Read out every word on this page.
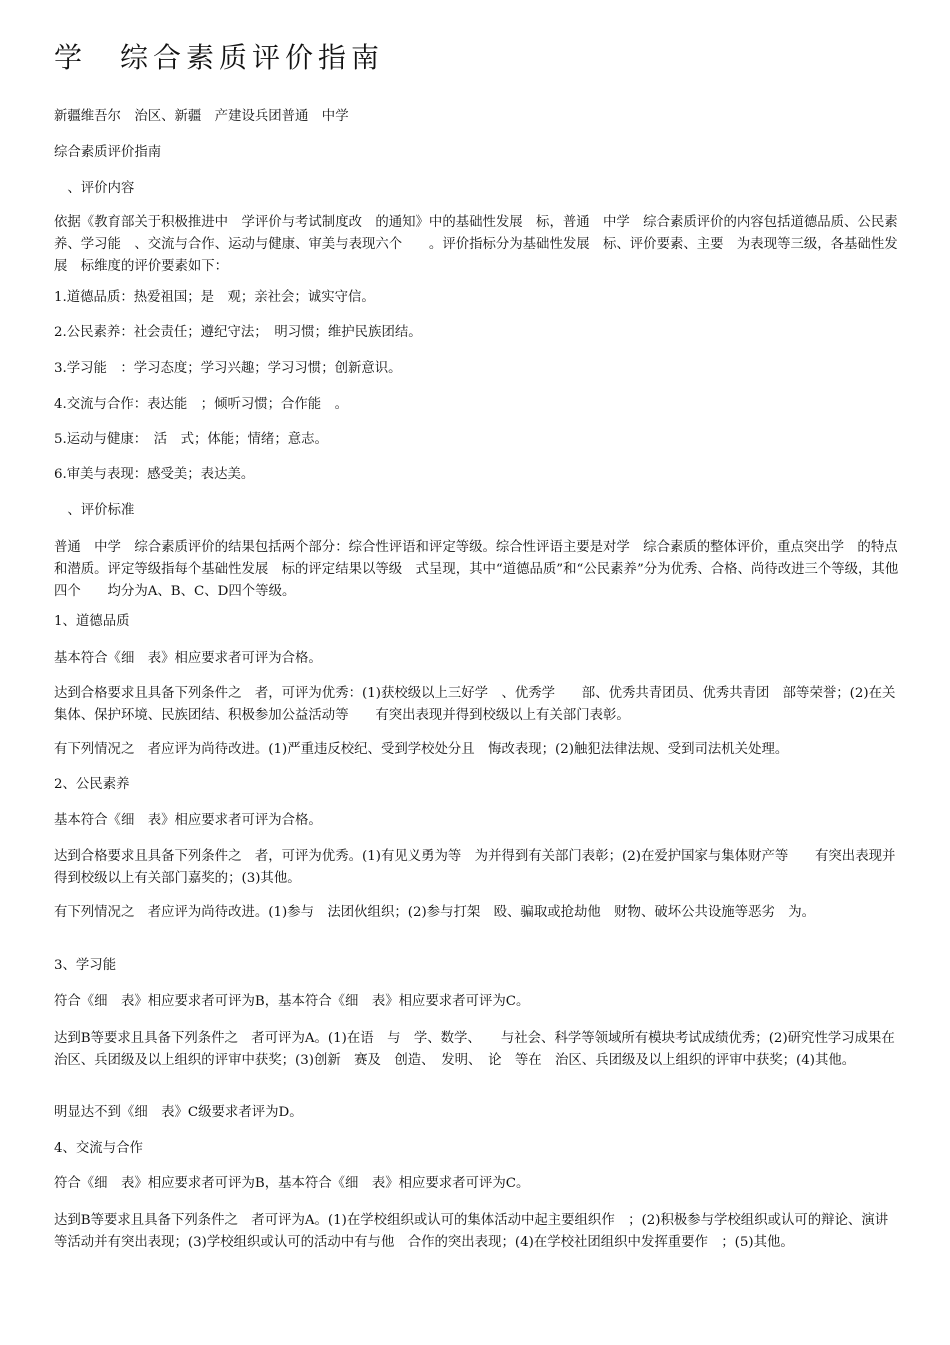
学　综合素质评价指南

新疆维吾尔　治区、新疆　产建设兵团普通　中学

综合素质评价指南

　、评价内容

依据《教育部关于积极推进中　学评价与考试制度改　的通知》中的基础性发展　标，普通　中学　综合素质评价的内容包括道德品质、公民素养、学习能　、交流与合作、运动与健康、审美与表现六个　　。评价指标分为基础性发展　标、评价要素、主要　为表现等三级，各基础性发展　标维度的评价要素如下：

1.道德品质：热爱祖国；是　观；亲社会；诚实守信。

2.公民素养：社会责任；遵纪守法；　明习惯；维护民族团结。

3.学习能　：学习态度；学习兴趣；学习习惯；创新意识。

4.交流与合作：表达能　；倾听习惯；合作能　。

5.运动与健康：　活　式；体能；情绪；意志。

6.审美与表现：感受美；表达美。

　、评价标准

普通　中学　综合素质评价的结果包括两个部分：综合性评语和评定等级。综合性评语主要是对学　综合素质的整体评价，重点突出学　的特点和潜质。评定等级指每个基础性发展　标的评定结果以等级　式呈现，其中“道德品质”和“公民素养”分为优秀、合格、尚待改进三个等级，其他四个　　均分为A、B、C、D四个等级。

1、道德品质

基本符合《细　表》相应要求者可评为合格。

达到合格要求且具备下列条件之　者，可评为优秀：(1)获校级以上三好学　、优秀学　　部、优秀共青团员、优秀共青团　部等荣誉；(2)在关　集体、保护环境、民族团结、积极参加公益活动等　　有突出表现并得到校级以上有关部门表彰。

有下列情况之　者应评为尚待改进。(1)严重违反校纪、受到学校处分且　悔改表现；(2)触犯法律法规、受到司法机关处理。

2、公民素养

基本符合《细　表》相应要求者可评为合格。

达到合格要求且具备下列条件之　者，可评为优秀。(1)有见义勇为等　为并得到有关部门表彰；(2)在爱护国家与集体财产等　　有突出表现并得到校级以上有关部门嘉奖的；(3)其他。

有下列情况之　者应评为尚待改进。(1)参与　法团伙组织；(2)参与打架　殴、骗取或抢劫他　财物、破坏公共设施等恶劣　为。

3、学习能

符合《细　表》相应要求者可评为B，基本符合《细　表》相应要求者可评为C。

达到B等要求且具备下列条件之　者可评为A。(1)在语　与　学、数学、　　与社会、科学等领域所有模块考试成绩优秀；(2)研究性学习成果在　治区、兵团级及以上组织的评审中获奖；(3)创新　赛及　创造、　发明、　论　等在　治区、兵团级及以上组织的评审中获奖；(4)其他。

明显达不到《细　表》C级要求者评为D。

4、交流与合作

符合《细　表》相应要求者可评为B，基本符合《细　表》相应要求者可评为C。

达到B等要求且具备下列条件之　者可评为A。(1)在学校组织或认可的集体活动中起主要组织作　；(2)积极参与学校组织或认可的辩论、演讲等活动并有突出表现；(3)学校组织或认可的活动中有与他　合作的突出表现；(4)在学校社团组织中发挥重要作　；(5)其他。
